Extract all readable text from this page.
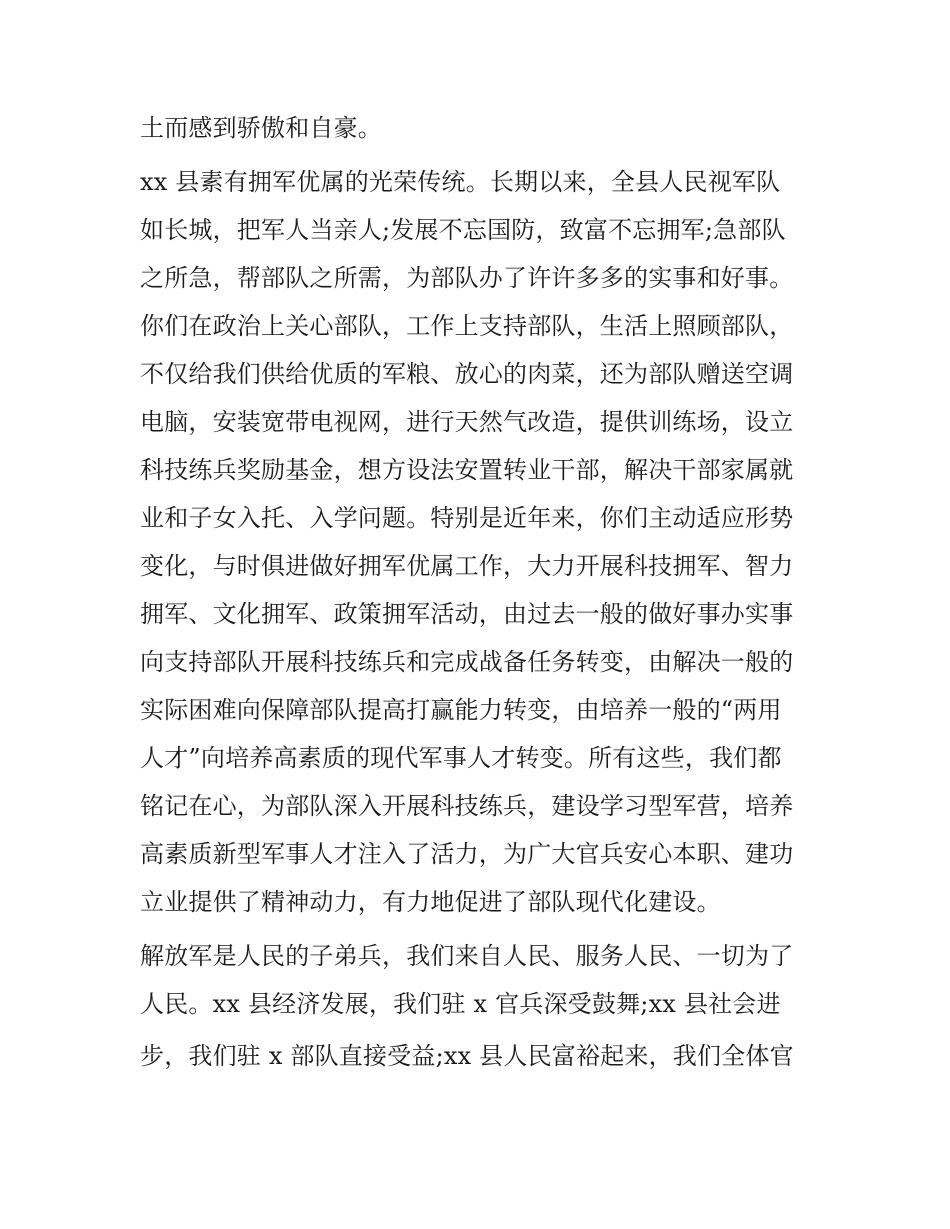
土而感到骄傲和自豪。
xx 县素有拥军优属的光荣传统。长期以来，全县人民视军队
如长城，把军人当亲人;发展不忘国防，致富不忘拥军;急部队
之所急，帮部队之所需，为部队办了许许多多的实事和好事。
你们在政治上关心部队，工作上支持部队，生活上照顾部队，
不仅给我们供给优质的军粮、放心的肉菜，还为部队赠送空调
电脑，安装宽带电视网，进行天然气改造，提供训练场，设立
科技练兵奖励基金，想方设法安置转业干部，解决干部家属就
业和子女入托、入学问题。特别是近年来，你们主动适应形势
变化，与时俱进做好拥军优属工作，大力开展科技拥军、智力
拥军、文化拥军、政策拥军活动，由过去一般的做好事办实事
向支持部队开展科技练兵和完成战备任务转变，由解决一般的
实际困难向保障部队提高打赢能力转变，由培养一般的“两用
人才”向培养高素质的现代军事人才转变。所有这些，我们都
铭记在心，为部队深入开展科技练兵，建设学习型军营，培养
高素质新型军事人才注入了活力，为广大官兵安心本职、建功
立业提供了精神动力，有力地促进了部队现代化建设。
解放军是人民的子弟兵，我们来自人民、服务人民、一切为了
人民。xx 县经济发展，我们驻 x 官兵深受鼓舞;xx 县社会进
步，我们驻 x 部队直接受益;xx 县人民富裕起来，我们全体官
